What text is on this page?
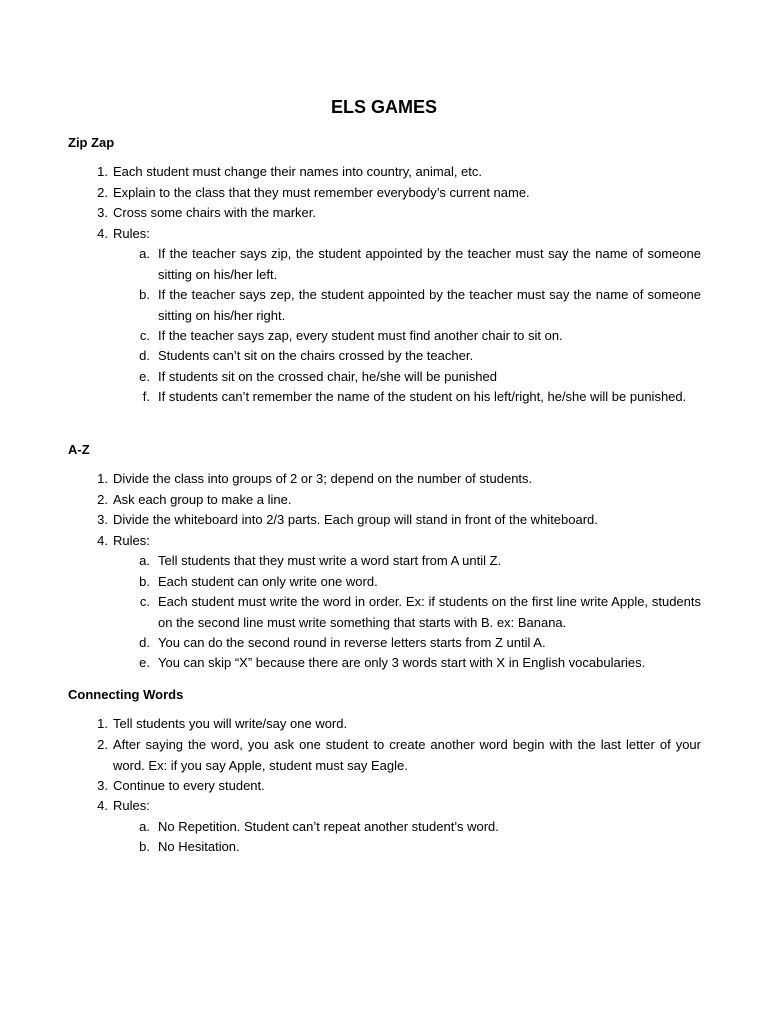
ELS GAMES
Zip Zap
1. Each student must change their names into country, animal, etc.
2. Explain to the class that they must remember everybody’s current name.
3. Cross some chairs with the marker.
4. Rules:
a. If the teacher says zip, the student appointed by the teacher must say the name of someone sitting on his/her left.
b. If the teacher says zep, the student appointed by the teacher must say the name of someone sitting on his/her right.
c. If the teacher says zap, every student must find another chair to sit on.
d. Students can’t sit on the chairs crossed by the teacher.
e. If students sit on the crossed chair, he/she will be punished
f. If students can’t remember the name of the student on his left/right, he/she will be punished.
A-Z
1. Divide the class into groups of 2 or 3; depend on the number of students.
2. Ask each group to make a line.
3. Divide the whiteboard into 2/3 parts. Each group will stand in front of the whiteboard.
4. Rules:
a. Tell students that they must write a word start from A until Z.
b. Each student can only write one word.
c. Each student must write the word in order. Ex: if students on the first line write Apple, students on the second line must write something that starts with B. ex: Banana.
d. You can do the second round in reverse letters starts from Z until A.
e. You can skip “X” because there are only 3 words start with X in English vocabularies.
Connecting Words
1. Tell students you will write/say one word.
2. After saying the word, you ask one student to create another word begin with the last letter of your word. Ex: if you say Apple, student must say Eagle.
3. Continue to every student.
4. Rules:
a. No Repetition. Student can’t repeat another student’s word.
b. No Hesitation.
